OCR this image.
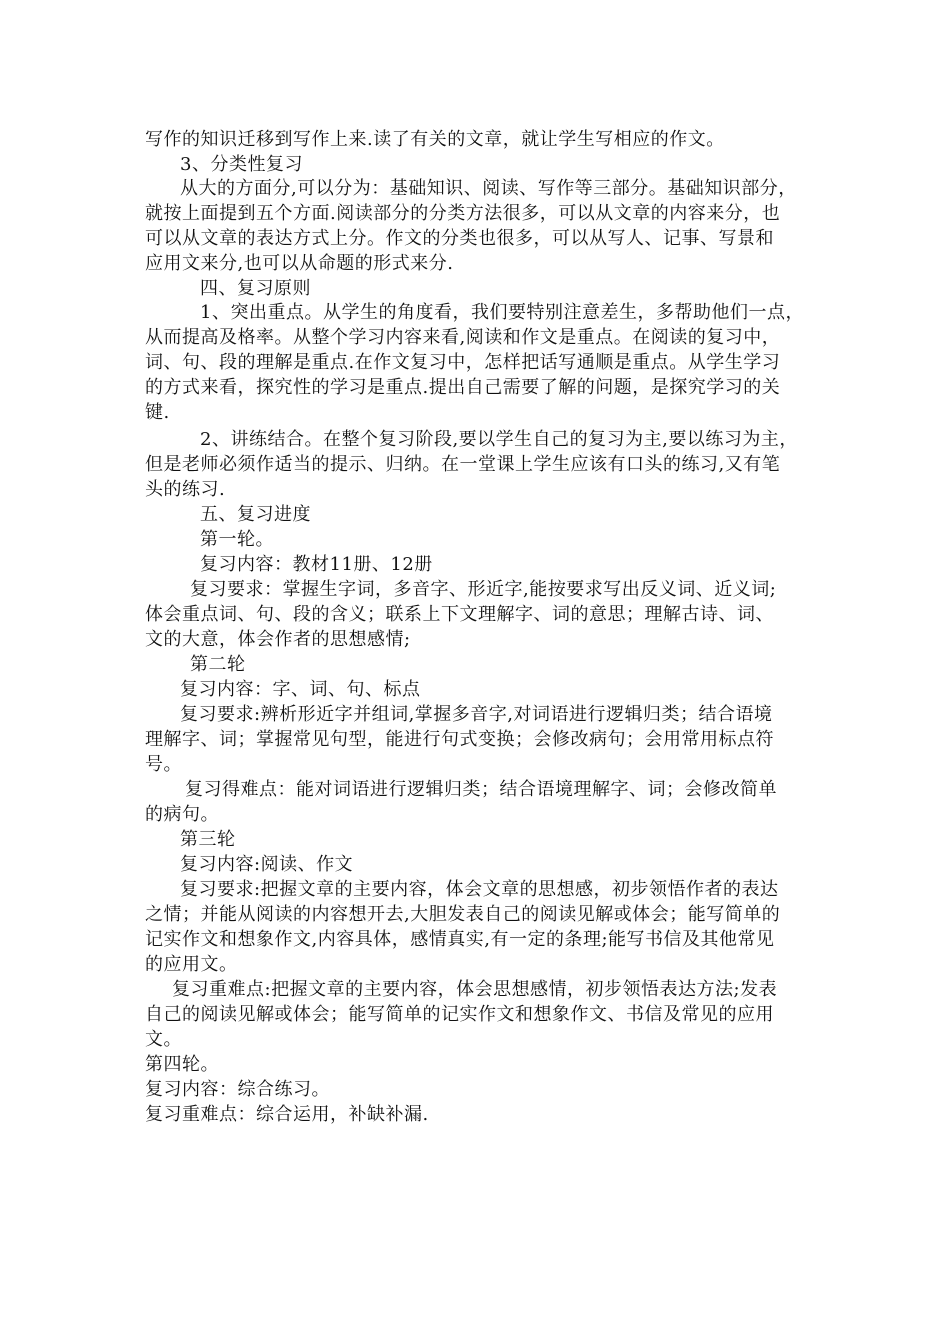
写作的知识迁移到写作上来.读了有关的文章，就让学生写相应的作文。
3、分类性复习
从大的方面分,可以分为：基础知识、阅读、写作等三部分。基础知识部分，
就按上面提到五个方面.阅读部分的分类方法很多，可以从文章的内容来分，也
可以从文章的表达方式上分。作文的分类也很多，可以从写人、记事、写景和
应用文来分,也可以从命题的形式来分.
四、复习原则
1、突出重点。从学生的角度看，我们要特别注意差生，多帮助他们一点，
从而提高及格率。从整个学习内容来看,阅读和作文是重点。在阅读的复习中，
词、句、段的理解是重点.在作文复习中，怎样把话写通顺是重点。从学生学习
的方式来看，探究性的学习是重点.提出自己需要了解的问题，是探究学习的关
键.
2、讲练结合。在整个复习阶段,要以学生自己的复习为主,要以练习为主，
但是老师必须作适当的提示、归纳。在一堂课上学生应该有口头的练习,又有笔
头的练习.
五、复习进度
第一轮。
复习内容：教材11册、12册
复习要求：掌握生字词，多音字、形近字,能按要求写出反义词、近义词;
体会重点词、句、段的含义；联系上下文理解字、词的意思；理解古诗、词、
文的大意，体会作者的思想感情;
第二轮
复习内容：字、词、句、标点
复习要求:辨析形近字并组词,掌握多音字,对词语进行逻辑归类；结合语境
理解字、词；掌握常见句型，能进行句式变换；会修改病句；会用常用标点符
号。
复习得难点：能对词语进行逻辑归类；结合语境理解字、词；会修改简单
的病句。
第三轮
复习内容:阅读、作文
复习要求:把握文章的主要内容，体会文章的思想感，初步领悟作者的表达
之情；并能从阅读的内容想开去,大胆发表自己的阅读见解或体会；能写简单的
记实作文和想象作文,内容具体，感情真实,有一定的条理;能写书信及其他常见
的应用文。
复习重难点:把握文章的主要内容，体会思想感情，初步领悟表达方法;发表
自己的阅读见解或体会；能写简单的记实作文和想象作文、书信及常见的应用
文。
第四轮。
复习内容：综合练习。
复习重难点：综合运用，补缺补漏.
